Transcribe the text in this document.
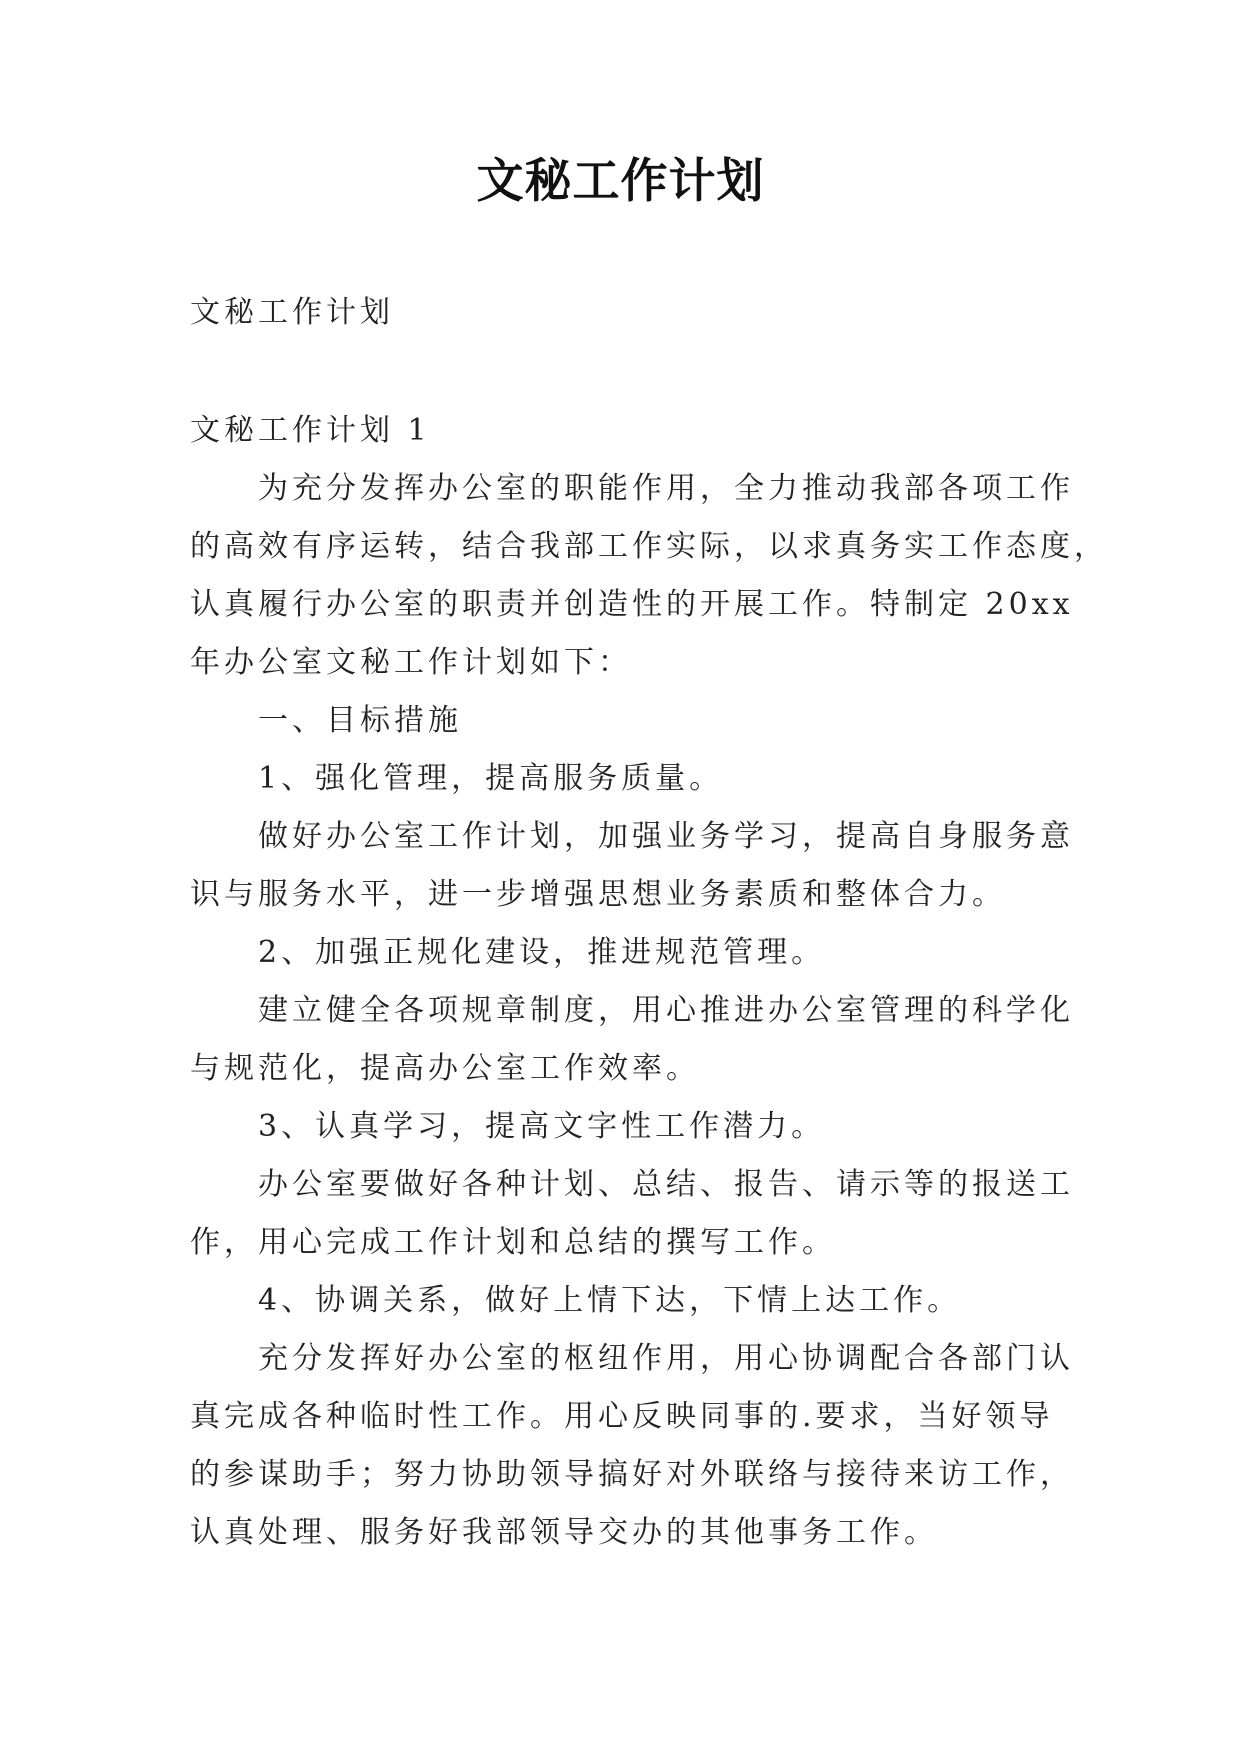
文秘工作计划
文秘工作计划
文秘工作计划 1
为充分发挥办公室的职能作用，全力推动我部各项工作
的高效有序运转，结合我部工作实际，以求真务实工作态度，
认真履行办公室的职责并创造性的开展工作。特制定 20xx
年办公室文秘工作计划如下：
一、目标措施
1、强化管理，提高服务质量。
做好办公室工作计划，加强业务学习，提高自身服务意
识与服务水平，进一步增强思想业务素质和整体合力。
2、加强正规化建设，推进规范管理。
建立健全各项规章制度，用心推进办公室管理的科学化
与规范化，提高办公室工作效率。
3、认真学习，提高文字性工作潜力。
办公室要做好各种计划、总结、报告、请示等的报送工
作，用心完成工作计划和总结的撰写工作。
4、协调关系，做好上情下达，下情上达工作。
充分发挥好办公室的枢纽作用，用心协调配合各部门认
真完成各种临时性工作。用心反映同事的.要求，当好领导
的参谋助手；努力协助领导搞好对外联络与接待来访工作，
认真处理、服务好我部领导交办的其他事务工作。
